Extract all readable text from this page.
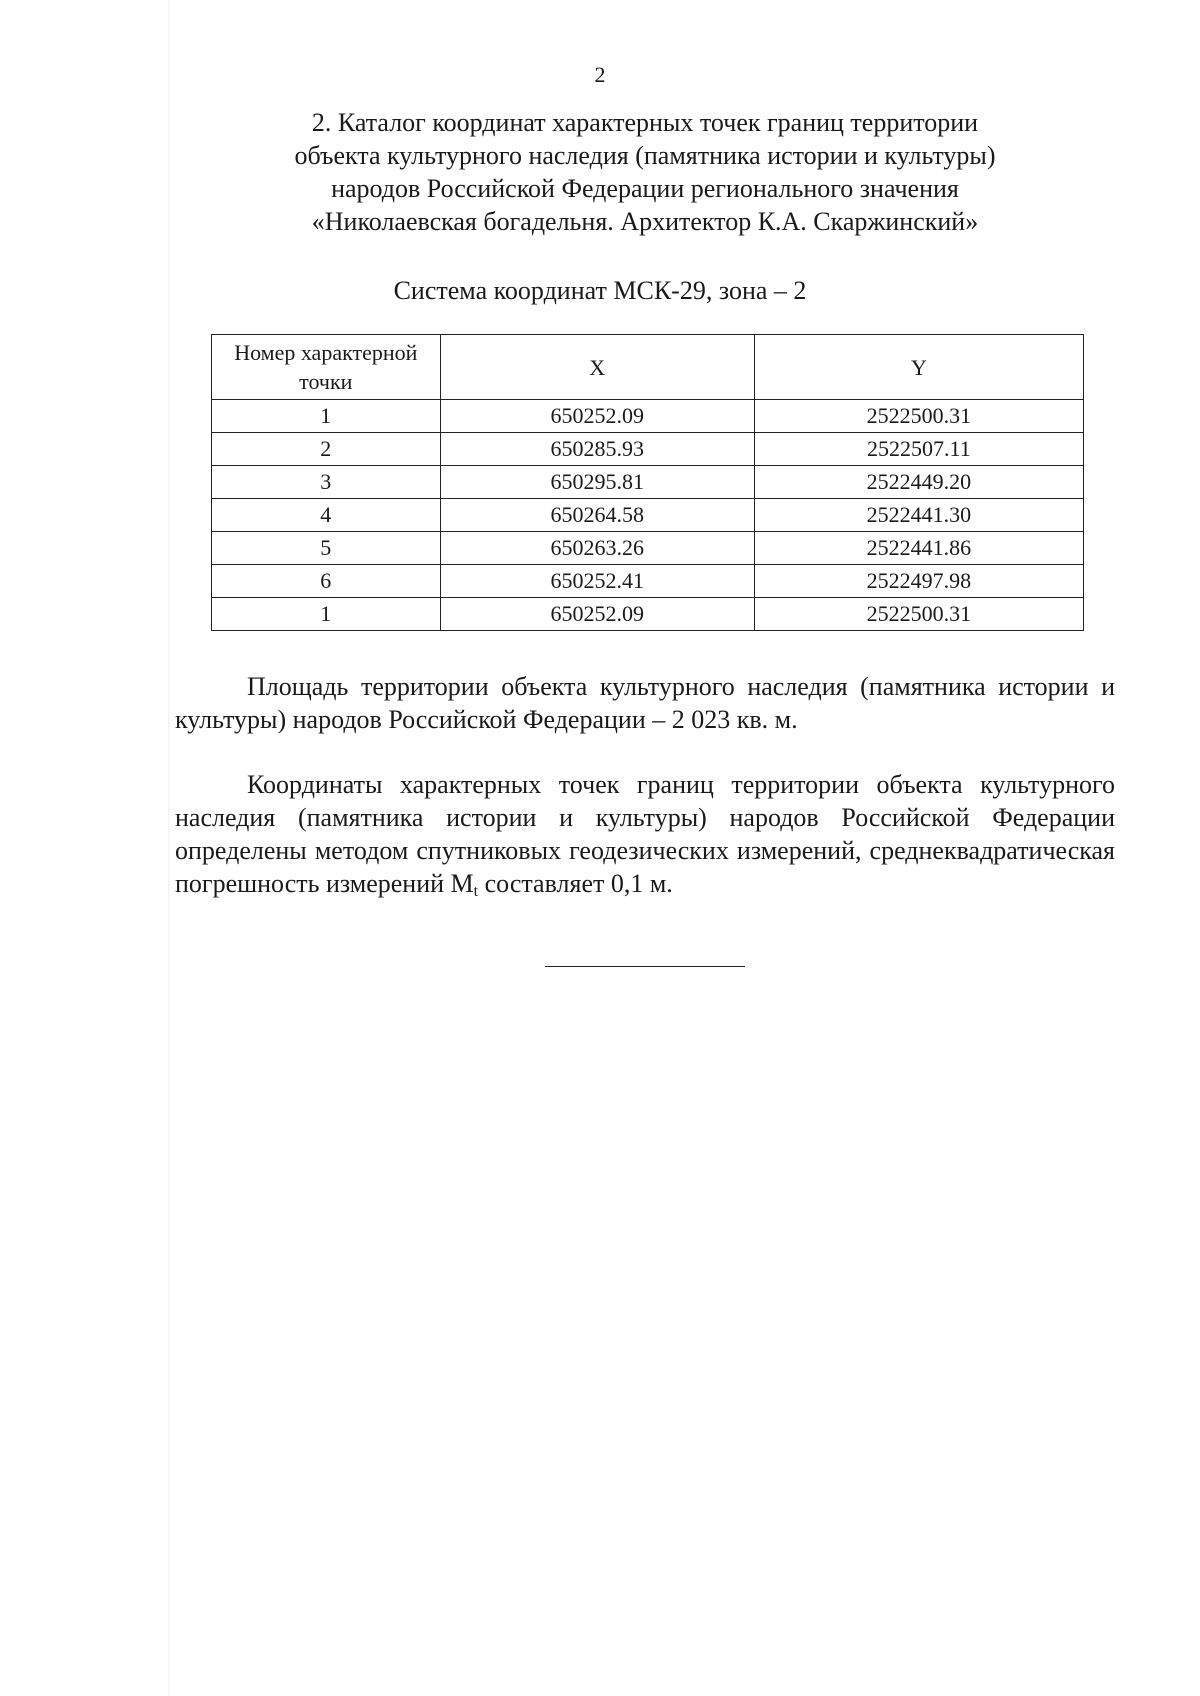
2
2. Каталог координат характерных точек границ территории
объекта культурного наследия (памятника истории и культуры)
народов Российской Федерации регионального значения
«Николаевская богадельня. Архитектор К.А. Скаржинский»
Система координат МСК-29, зона – 2
Номер характерной
точки	X	Y
1	650252.09	2522500.31
2	650285.93	2522507.11
3	650295.81	2522449.20
4	650264.58	2522441.30
5	650263.26	2522441.86
6	650252.41	2522497.98
1	650252.09	2522500.31
Площадь территории объекта культурного наследия (памятника истории и культуры) народов Российской Федерации – 2 023 кв. м.
Координаты характерных точек границ территории объекта культурного наследия (памятника истории и культуры) народов Российской Федерации определены методом спутниковых геодезических измерений, среднеквадратическая погрешность измерений $M_t$ составляет 0,1 м.
